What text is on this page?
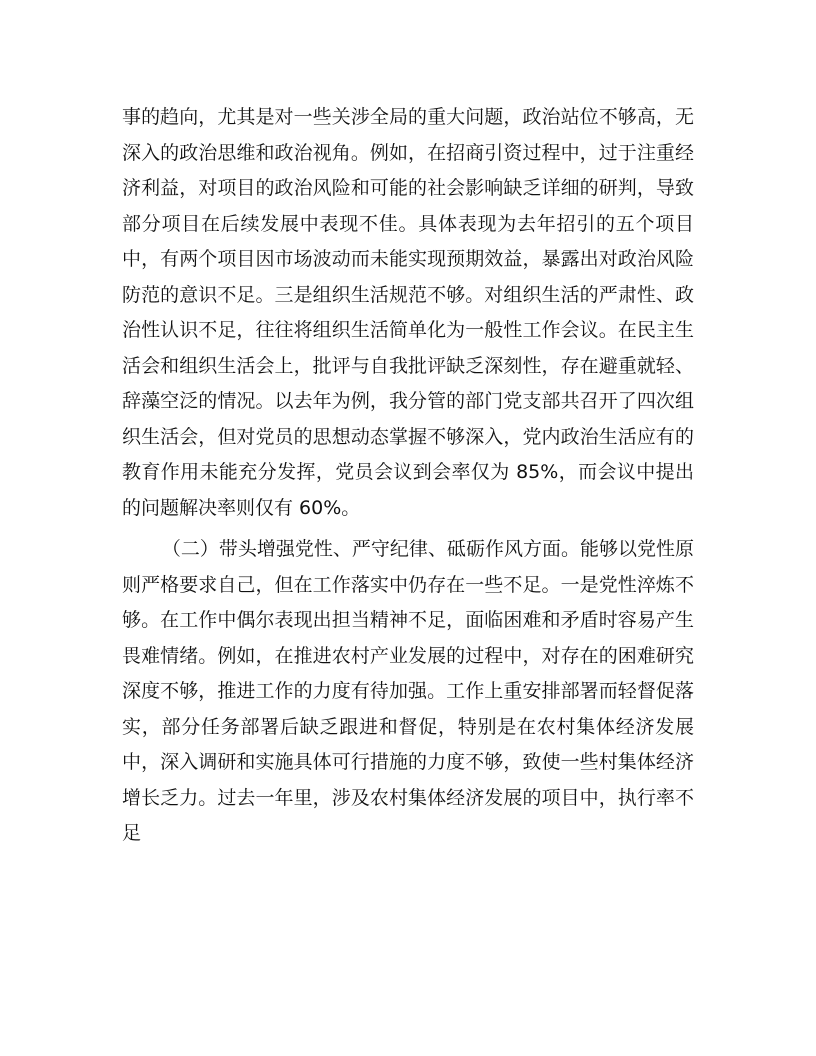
事的趋向，尤其是对一些关涉全局的重大问题，政治站位不够高，无深入的政治思维和政治视角。例如，在招商引资过程中，过于注重经济利益，对项目的政治风险和可能的社会影响缺乏详细的研判，导致部分项目在后续发展中表现不佳。具体表现为去年招引的五个项目中，有两个项目因市场波动而未能实现预期效益，暴露出对政治风险防范的意识不足。三是组织生活规范不够。对组织生活的严肃性、政治性认识不足，往往将组织生活简单化为一般性工作会议。在民主生活会和组织生活会上，批评与自我批评缺乏深刻性，存在避重就轻、辞藻空泛的情况。以去年为例，我分管的部门党支部共召开了四次组织生活会，但对党员的思想动态掌握不够深入，党内政治生活应有的教育作用未能充分发挥，党员会议到会率仅为 85%，而会议中提出的问题解决率则仅有 60%。

（二）带头增强党性、严守纪律、砥砺作风方面。能够以党性原则严格要求自己，但在工作落实中仍存在一些不足。一是党性淬炼不够。在工作中偶尔表现出担当精神不足，面临困难和矛盾时容易产生畏难情绪。例如，在推进农村产业发展的过程中，对存在的困难研究深度不够，推进工作的力度有待加强。工作上重安排部署而轻督促落实，部分任务部署后缺乏跟进和督促，特别是在农村集体经济发展中，深入调研和实施具体可行措施的力度不够，致使一些村集体经济增长乏力。过去一年里，涉及农村集体经济发展的项目中，执行率不足
